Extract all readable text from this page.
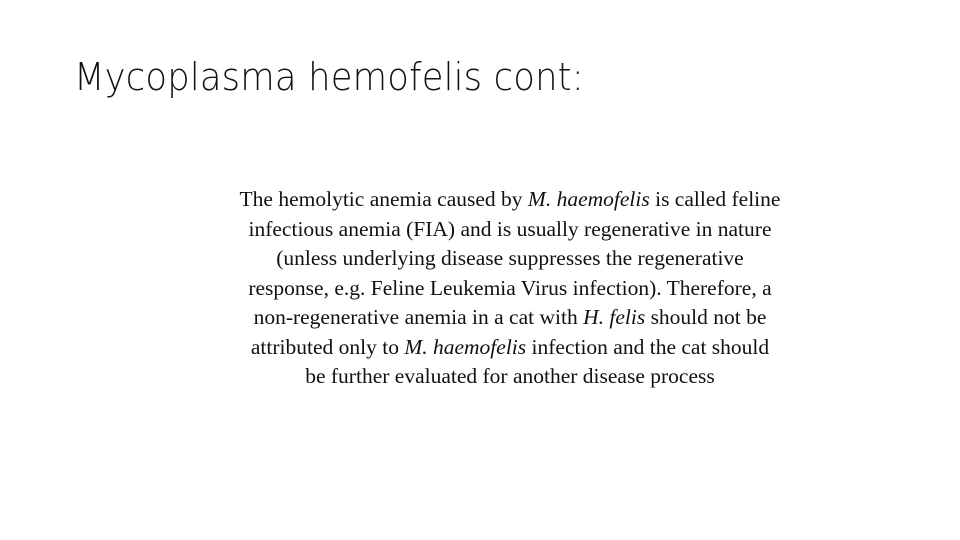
Mycoplasma hemofelis cont:
The hemolytic anemia caused by M. haemofelis is called feline
infectious anemia (FIA) and is usually regenerative in nature
(unless underlying disease suppresses the regenerative
response, e.g. Feline Leukemia Virus infection). Therefore, a
non-regenerative anemia in a cat with H. felis should not be
attributed only to M. haemofelis infection and the cat should
be further evaluated for another disease process
